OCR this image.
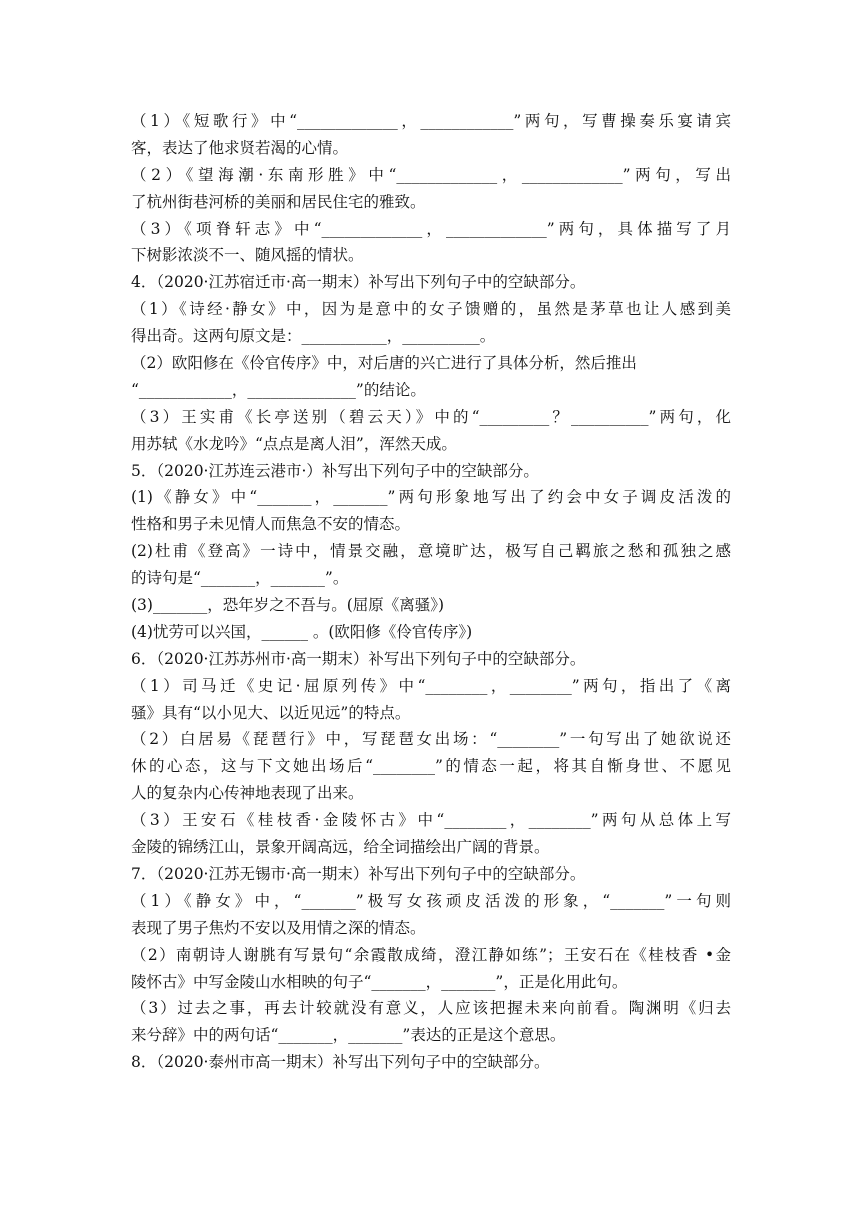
（1）《短歌行》中“_____________，____________”两句，写曹操奏乐宴请宾
客，表达了他求贤若渴的心情。
（2）《望海潮·东南形胜》中“_____________，_____________”两句，写出
了杭州街巷河桥的美丽和居民住宅的雅致。
（3）《项脊轩志》中“_____________，_____________”两句，具体描写了月
下树影浓淡不一、随风摇的情状。
4．（2020·江苏宿迁市·高一期末）补写出下列句子中的空缺部分。
（1）《诗经·静女》中，因为是意中的女子馈赠的，虽然是茅草也让人感到美
得出奇。这两句原文是：___________，__________。
（2）欧阳修在《伶官传序》中，对后唐的兴亡进行了具体分析，然后推出
“____________，______________”的结论。
（3）王实甫《长亭送别（碧云天）》中的“_________？__________”两句，化
用苏轼《水龙吟》“点点是离人泪”，浑然天成。
5．（2020·江苏连云港市·）补写出下列句子中的空缺部分。
(1)《静女》中“_______，_______”两句形象地写出了约会中女子调皮活泼的
性格和男子未见情人而焦急不安的情态。
(2)杜甫《登高》一诗中，情景交融，意境旷达，极写自己羁旅之愁和孤独之感
的诗句是“_______，_______”。
(3)_______，恐年岁之不吾与。(屈原《离骚》)
(4)忧劳可以兴国，______ 。(欧阳修《伶官传序》)
6．（2020·江苏苏州市·高一期末）补写出下列句子中的空缺部分。
（1）司马迁《史记·屈原列传》中“________，________”两句，指出了《离
骚》具有“以小见大、以近见远”的特点。
（2）白居易《琵琶行》中，写琵琶女出场：“________”一句写出了她欲说还
休的心态，这与下文她出场后“________”的情态一起，将其自惭身世、不愿见
人的复杂内心传神地表现了出来。
（3）王安石《桂枝香·金陵怀古》中“________，________”两句从总体上写
金陵的锦绣江山，景象开阔高远，给全词描绘出广阔的背景。
7．（2020·江苏无锡市·高一期末）补写出下列句子中的空缺部分。
（1）《静女》中，“_______”极写女孩顽皮活泼的形象，“_______”一句则
表现了男子焦灼不安以及用情之深的情态。
（2）南朝诗人谢朓有写景句“余霞散成绮，澄江静如练”；王安石在《桂枝香 •金
陵怀古》中写金陵山水相映的句子“_______，_______”，正是化用此句。
（3）过去之事，再去计较就没有意义，人应该把握未来向前看。陶渊明《归去
来兮辞》中的两句话“_______，_______”表达的正是这个意思。
8．（2020·泰州市高一期末）补写出下列句子中的空缺部分。
